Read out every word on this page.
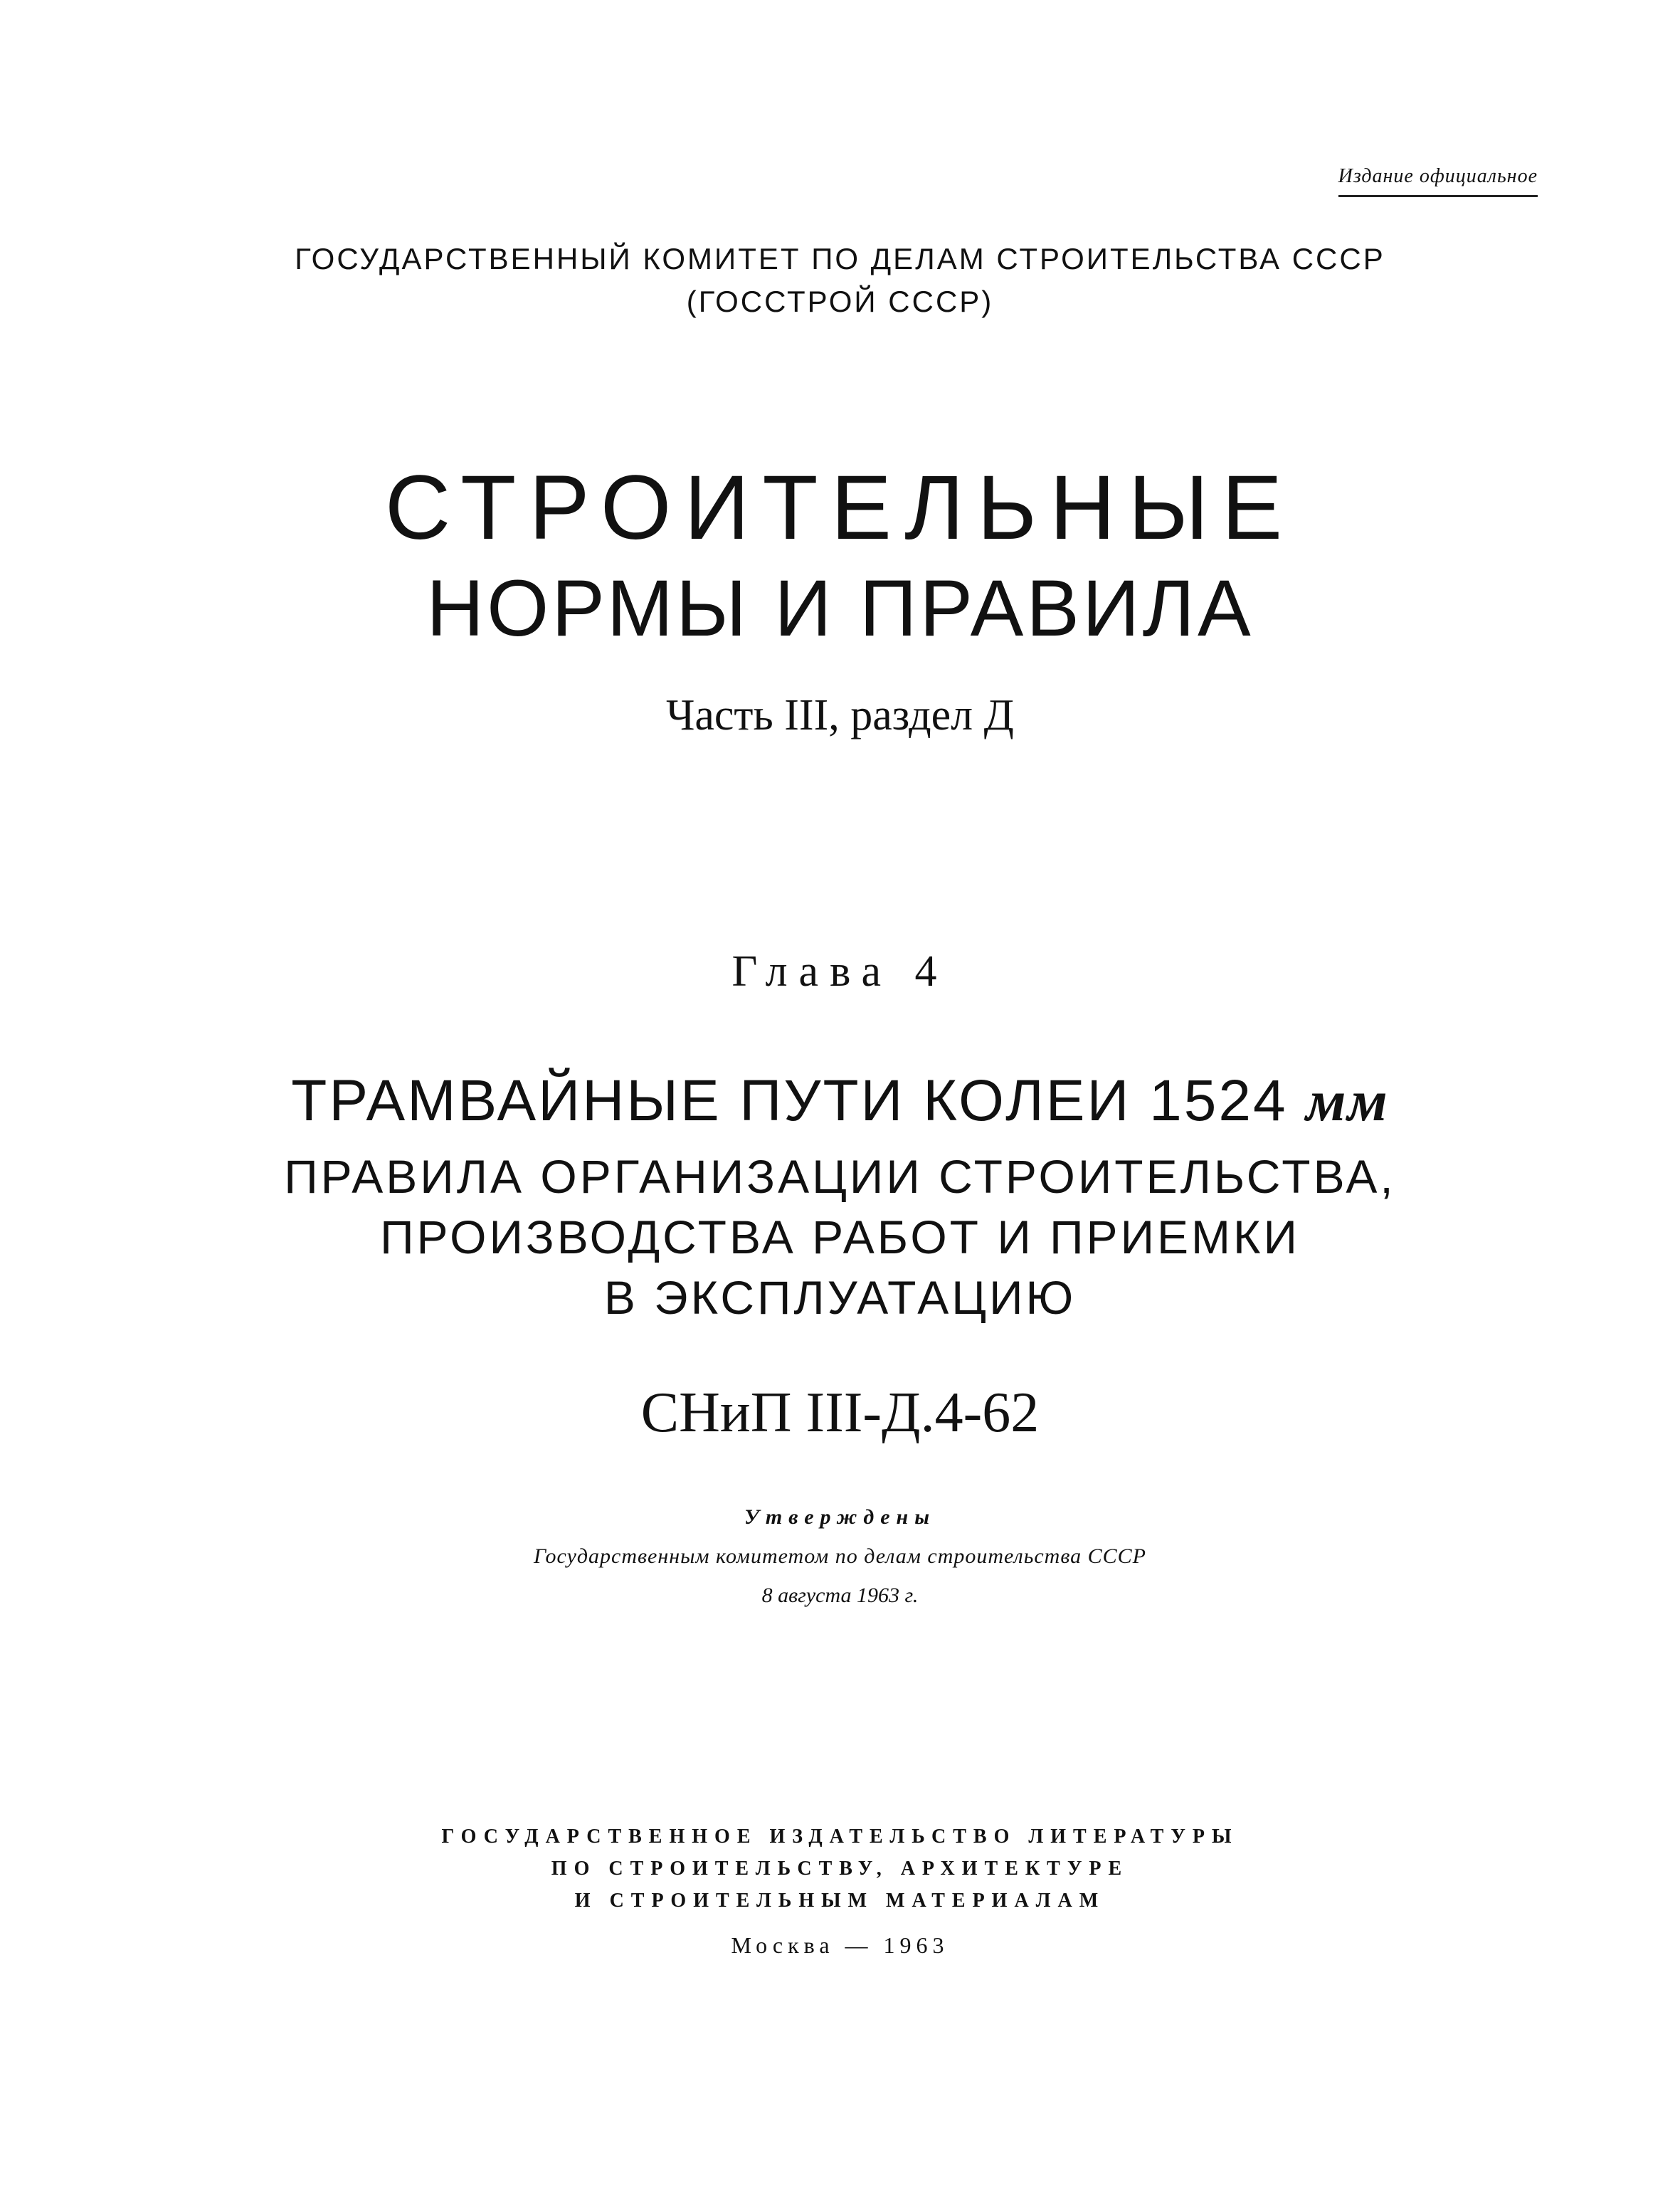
Издание официальное
ГОСУДАРСТВЕННЫЙ КОМИТЕТ ПО ДЕЛАМ СТРОИТЕЛЬСТВА СССР
(ГОССТРОЙ СССР)
СТРОИТЕЛЬНЫЕ
НОРМЫ И ПРАВИЛА
Часть III, раздел Д
Глава 4
ТРАМВАЙНЫЕ ПУТИ КОЛЕИ 1524 мм
ПРАВИЛА ОРГАНИЗАЦИИ СТРОИТЕЛЬСТВА,
ПРОИЗВОДСТВА РАБОТ И ПРИЕМКИ
В ЭКСПЛУАТАЦИЮ
СНиП III-Д.4-62
Утверждены
Государственным комитетом по делам строительства СССР
8 августа 1963 г.
ГОСУДАРСТВЕННОЕ ИЗДАТЕЛЬСТВО ЛИТЕРАТУРЫ
ПО СТРОИТЕЛЬСТВУ, АРХИТЕКТУРЕ
И СТРОИТЕЛЬНЫМ МАТЕРИАЛАМ
Москва — 1963
